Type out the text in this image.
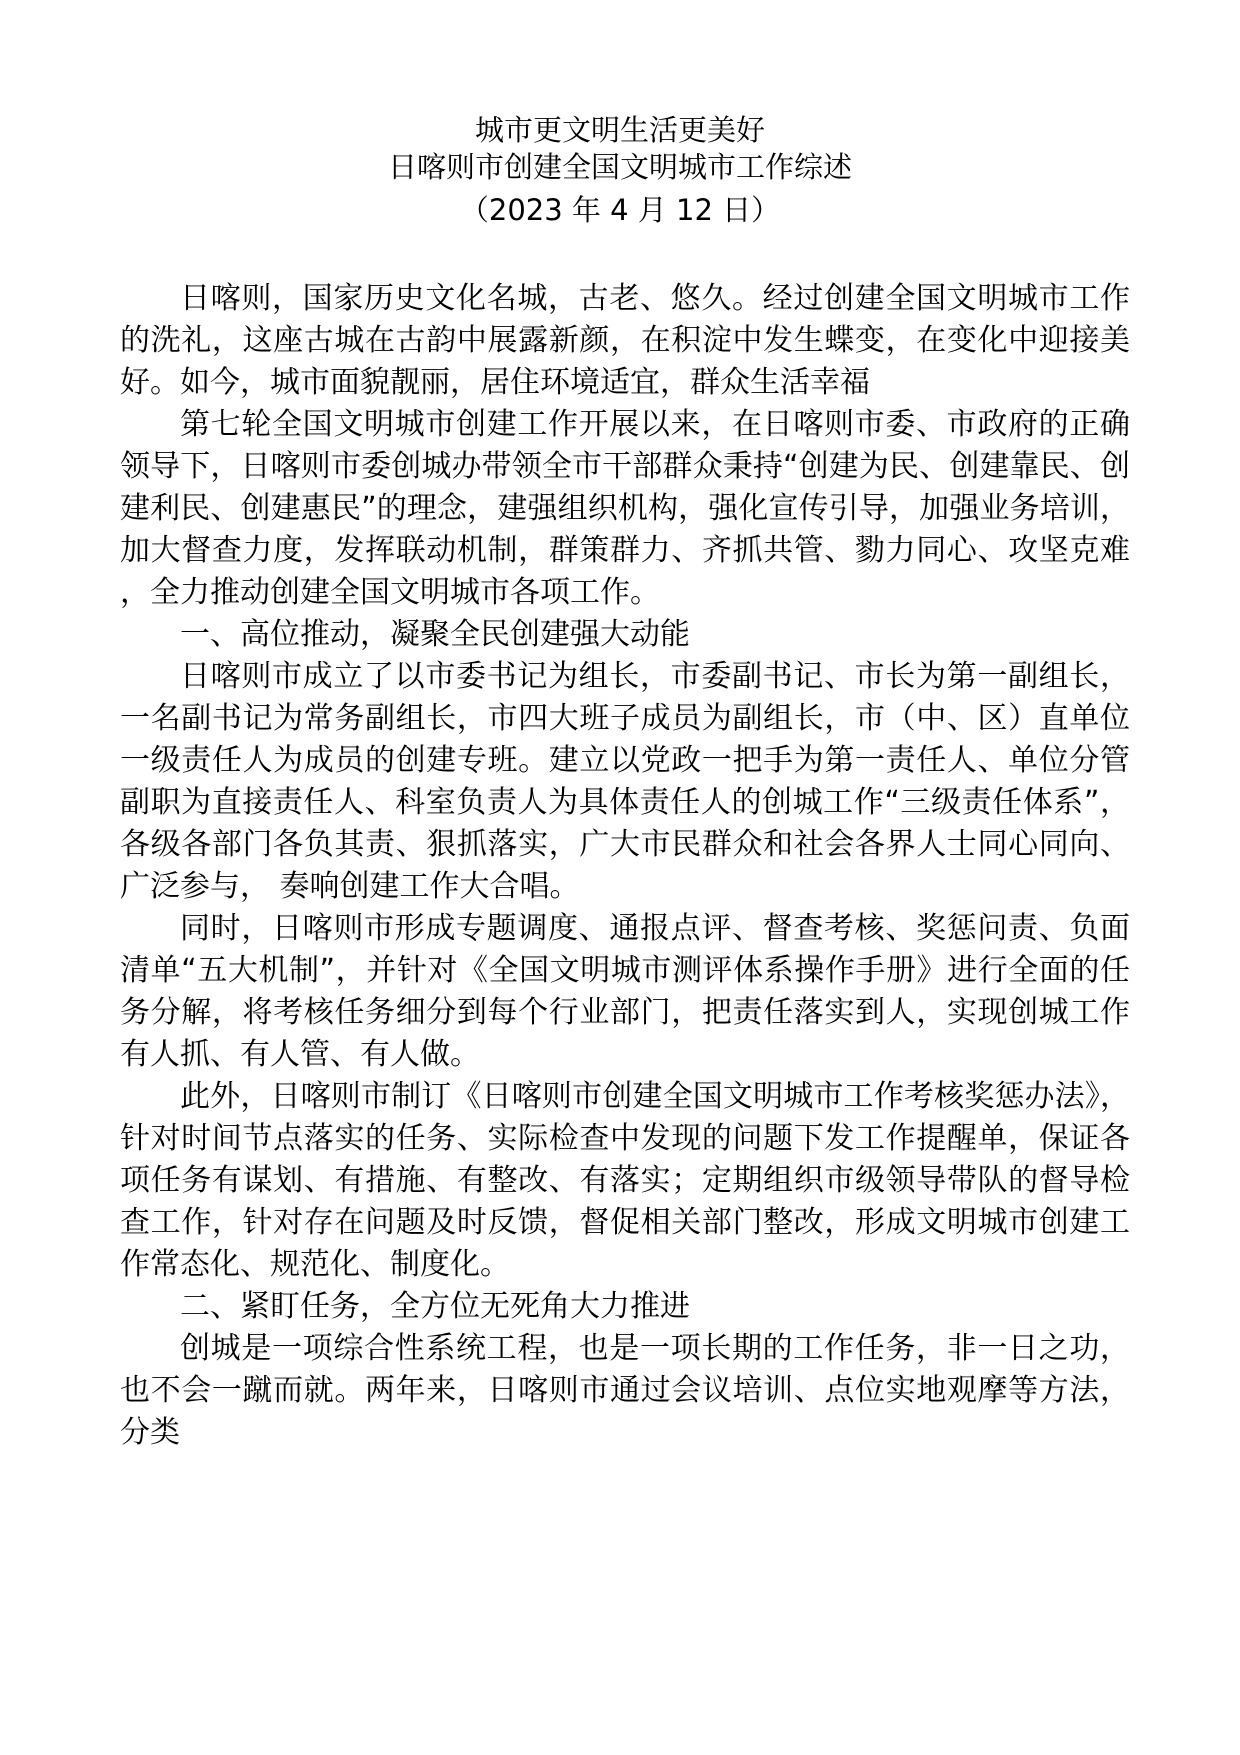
城市更文明生活更美好
日喀则市创建全国文明城市工作综述
（2023 年 4 月 12 日）

日喀则，国家历史文化名城，古老、悠久。经过创建全国文明城市工作的洗礼，这座古城在古韵中展露新颜，在积淀中发生蝶变，在变化中迎接美好。如今，城市面貌靓丽，居住环境适宜，群众生活幸福

第七轮全国文明城市创建工作开展以来，在日喀则市委、市政府的正确领导下，日喀则市委创城办带领全市干部群众秉持“创建为民、创建靠民、创建利民、创建惠民”的理念，建强组织机构，强化宣传引导，加强业务培训，加大督查力度，发挥联动机制，群策群力、齐抓共管、勠力同心、攻坚克难，全力推动创建全国文明城市各项工作。

一、高位推动，凝聚全民创建强大动能

日喀则市成立了以市委书记为组长，市委副书记、市长为第一副组长，一名副书记为常务副组长，市四大班子成员为副组长，市（中、区）直单位一级责任人为成员的创建专班。建立以党政一把手为第一责任人、单位分管副职为直接责任人、科室负责人为具体责任人的创城工作“三级责任体系”，各级各部门各负其责、狠抓落实，广大市民群众和社会各界人士同心同向、广泛参与， 奏响创建工作大合唱。

同时，日喀则市形成专题调度、通报点评、督查考核、奖惩问责、负面清单“五大机制”，并针对《全国文明城市测评体系操作手册》进行全面的任务分解，将考核任务细分到每个行业部门，把责任落实到人，实现创城工作有人抓、有人管、有人做。

此外，日喀则市制订《日喀则市创建全国文明城市工作考核奖惩办法》，针对时间节点落实的任务、实际检查中发现的问题下发工作提醒单，保证各项任务有谋划、有措施、有整改、有落实；定期组织市级领导带队的督导检查工作，针对存在问题及时反馈，督促相关部门整改，形成文明城市创建工作常态化、规范化、制度化。

二、紧盯任务，全方位无死角大力推进

创城是一项综合性系统工程，也是一项长期的工作任务，非一日之功，也不会一蹴而就。两年来，日喀则市通过会议培训、点位实地观摩等方法，分类
